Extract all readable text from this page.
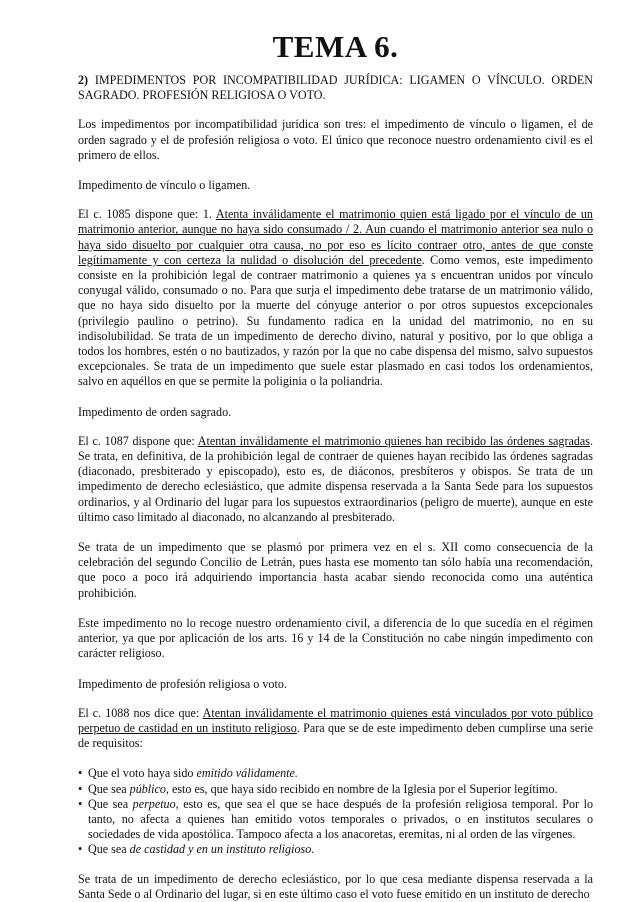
TEMA 6.

2) IMPEDIMENTOS POR INCOMPATIBILIDAD JURÍDICA: LIGAMEN O VÍNCULO. ORDEN SAGRADO. PROFESIÓN RELIGIOSA O VOTO.

Los impedimentos por incompatibilidad jurídica son tres: el impedimento de vínculo o ligamen, el de orden sagrado y el de profesión religiosa o voto. El único que reconoce nuestro ordenamiento civil es el primero de ellos.

Impedimento de vínculo o ligamen.

El c. 1085 dispone que: 1. Atenta inválidamente el matrimonio quien está ligado por el vínculo de un matrimonio anterior, aunque no haya sido consumado / 2. Aun cuando el matrimonio anterior sea nulo o haya sido disuelto por cualquier otra causa, no por eso es lícito contraer otro, antes de que conste legítimamente y con certeza la nulidad o disolución del precedente. Como vemos, este impedimento consiste en la prohibición legal de contraer matrimonio a quienes ya s encuentran unidos por vínculo conyugal válido, consumado o no. Para que surja el impedimento debe tratarse de un matrimonio válido, que no haya sido disuelto por la muerte del cónyuge anterior o por otros supuestos excepcionales (privilegio paulino o petrino). Su fundamento radica en la unidad del matrimonio, no en su indisolubilidad. Se trata de un impedimento de derecho divino, natural y positivo, por lo que obliga a todos los hombres, estén o no bautizados, y razón por la que no cabe dispensa del mismo, salvo supuestos excepcionales. Se trata de un impedimento que suele estar plasmado en casi todos los ordenamientos, salvo en aquéllos en que se permite la poliginia o la poliandria.

Impedimento de orden sagrado.

El c. 1087 dispone que: Atentan inválidamente el matrimonio quienes han recibido las órdenes sagradas. Se trata, en definitiva, de la prohibición legal de contraer de quienes hayan recibido las órdenes sagradas (diaconado, presbiterado y episcopado), esto es, de diáconos, presbíteros y obispos. Se trata de un impedimento de derecho eclesiástico, que admite dispensa reservada a la Santa Sede para los supuestos ordinarios, y al Ordinario del lugar para los supuestos extraordinarios (peligro de muerte), aunque en este último caso limitado al diaconado, no alcanzando al presbiterado.

Se trata de un impedimento que se plasmó por primera vez en el s. XII como consecuencia de la celebración del segundo Concilio de Letrán, pues hasta ese momento tan sólo había una recomendación, que poco a poco irá adquiriendo importancia hasta acabar siendo reconocida como una auténtica prohibición.

Este impedimento no lo recoge nuestro ordenamiento civil, a diferencia de lo que sucedía en el régimen anterior, ya que por aplicación de los arts. 16 y 14 de la Constitución no cabe ningún impedimento con carácter religioso.

Impedimento de profesión religiosa o voto.

El c. 1088 nos dice que: Atentan inválidamente el matrimonio quienes está vinculados por voto público perpetuo de castidad en un instituto religioso. Para que se de este impedimento deben cumplirse una serie de requisitos:

• Que el voto haya sido emitido válidamente.
• Que sea público, esto es, que haya sido recibido en nombre de la Iglesia por el Superior legítimo.
• Que sea perpetuo, esto es, que sea el que se hace después de la profesión religiosa temporal. Por lo tanto, no afecta a quienes han emitido votos temporales o privados, o en institutos seculares o sociedades de vida apostólica. Tampoco afecta a los anacoretas, eremitas, ni al orden de las vírgenes.
• Que sea de castidad y en un instituto religioso.

Se trata de un impedimento de derecho eclesiástico, por lo que cesa mediante dispensa reservada a la Santa Sede o al Ordinario del lugar, si en este último caso el voto fuese emitido en un instituto de derecho
